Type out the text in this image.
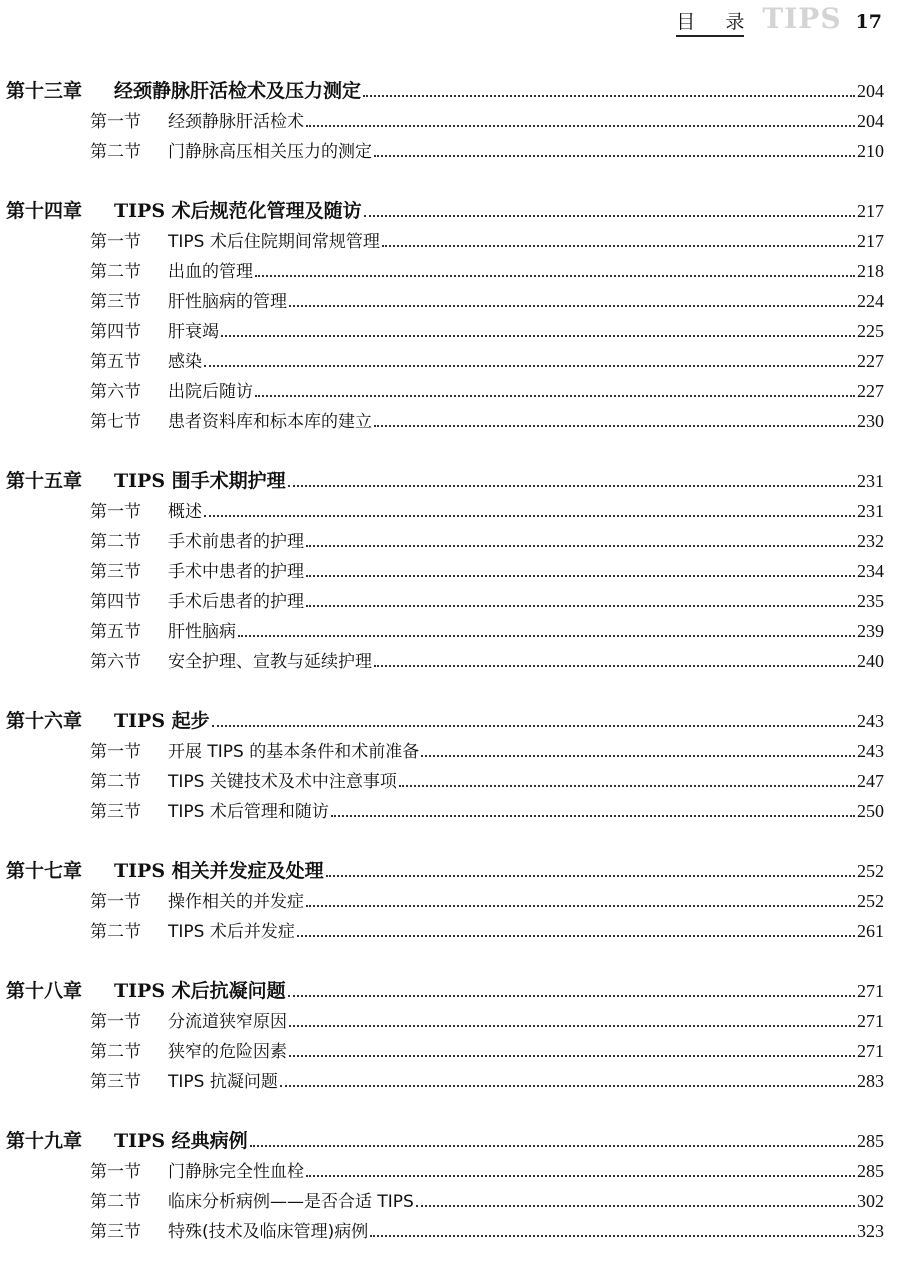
目录 TIPS 17
第十三章	经颈静脉肝活检术及压力测定	204
第一节	经颈静脉肝活检术	204
第二节	门静脉高压相关压力的测定	210
第十四章	TIPS 术后规范化管理及随访	217
第一节	TIPS 术后住院期间常规管理	217
第二节	出血的管理	218
第三节	肝性脑病的管理	224
第四节	肝衰竭	225
第五节	感染	227
第六节	出院后随访	227
第七节	患者资料库和标本库的建立	230
第十五章	TIPS 围手术期护理	231
第一节	概述	231
第二节	手术前患者的护理	232
第三节	手术中患者的护理	234
第四节	手术后患者的护理	235
第五节	肝性脑病	239
第六节	安全护理、宣教与延续护理	240
第十六章	TIPS 起步	243
第一节	开展 TIPS 的基本条件和术前准备	243
第二节	TIPS 关键技术及术中注意事项	247
第三节	TIPS 术后管理和随访	250
第十七章	TIPS 相关并发症及处理	252
第一节	操作相关的并发症	252
第二节	TIPS 术后并发症	261
第十八章	TIPS 术后抗凝问题	271
第一节	分流道狭窄原因	271
第二节	狭窄的危险因素	271
第三节	TIPS 抗凝问题	283
第十九章	TIPS 经典病例	285
第一节	门静脉完全性血栓	285
第二节	临床分析病例——是否合适 TIPS	302
第三节	特殊(技术及临床管理)病例	323
